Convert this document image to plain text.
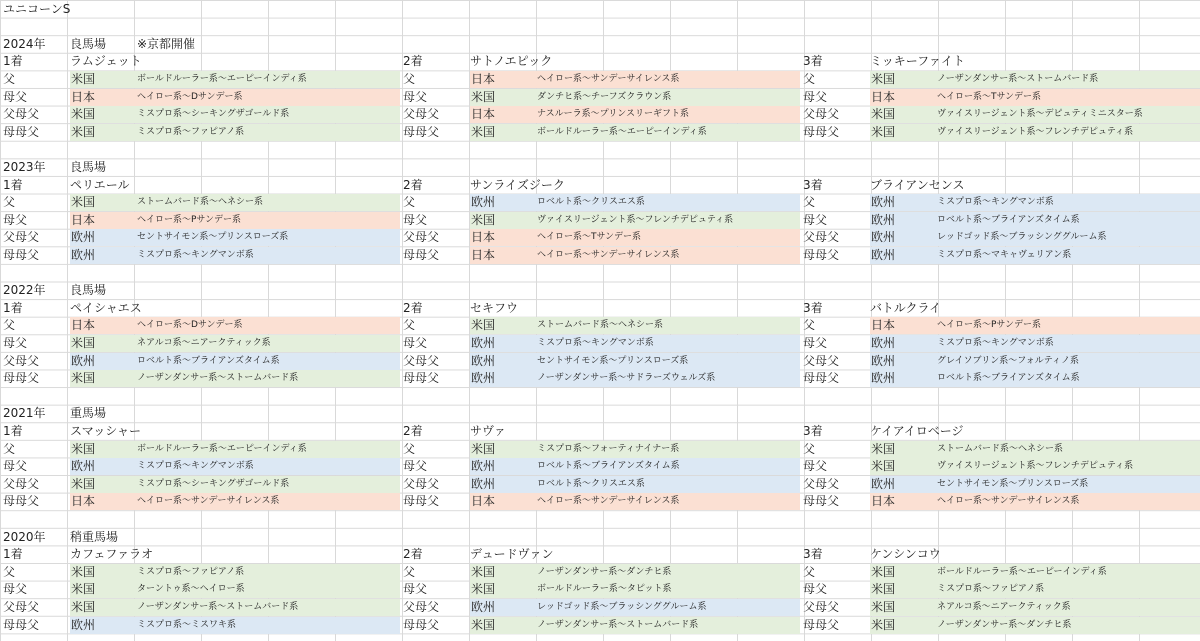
ユニコーンS
2024年 良馬場	※京都開催
1着	ラムジェット
父	米国	ボールドルーラー系～エーピーインディ系
母父	日本	ヘイロー系～Dサンデー系
父母父	米国	ミスプロ系～シーキングザゴールド系
母母父	米国	ミスプロ系～ファピアノ系
2着	サトノエピック
父	日本	ヘイロー系～サンデーサイレンス系
母父	米国	ダンチヒ系～チーフズクラウン系
父母父	日本	ナスルーラ系～プリンスリーギフト系
母母父	米国	ボールドルーラー系～エーピーインディ系
3着	ミッキーファイト
父	米国	ノーザンダンサー系～ストームバード系
母父	日本	ヘイロー系～Tサンデー系
父母父	米国	ヴァイスリージェント系～デピュティミニスター系
母母父	米国	ヴァイスリージェント系～フレンチデピュティ系
2023年 良馬場
1着	ペリエール
父	米国	ストームバード系～ヘネシー系
母父	日本	ヘイロー系～Pサンデー系
父母父	欧州	セントサイモン系～プリンスローズ系
母母父	欧州	ミスプロ系～キングマンボ系
2着	サンライズジーク
父	欧州	ロベルト系～クリスエス系
母父	米国	ヴァイスリージェント系～フレンチデピュティ系
父母父	日本	ヘイロー系～Tサンデー系
母母父	日本	ヘイロー系～サンデーサイレンス系
3着	ブライアンセンス
父	欧州	ミスプロ系～キングマンボ系
母父	欧州	ロベルト系～ブライアンズタイム系
父母父	欧州	レッドゴッド系～ブラッシンググルーム系
母母父	欧州	ミスプロ系～マキャヴェリアン系
2022年 良馬場
1着	ペイシャエス
父	日本	ヘイロー系～Dサンデー系
母父	米国	ネアルコ系～ニアークティック系
父母父	欧州	ロベルト系～ブライアンズタイム系
母母父	米国	ノーザンダンサー系～ストームバード系
2着	セキフウ
父	米国	ストームバード系～ヘネシー系
母父	欧州	ミスプロ系～キングマンボ系
父母父	欧州	セントサイモン系～プリンスローズ系
母母父	欧州	ノーザンダンサー系～サドラーズウェルズ系
3着	バトルクライ
父	日本	ヘイロー系～Pサンデー系
母父	欧州	ミスプロ系～キングマンボ系
父母父	欧州	グレイソブリン系～フォルティノ系
母母父	欧州	ロベルト系～ブライアンズタイム系
2021年 重馬場
1着	スマッシャー
父	米国	ボールドルーラー系～エーピーインディ系
母父	欧州	ミスプロ系～キングマンボ系
父母父	米国	ミスプロ系～シーキングザゴールド系
母母父	日本	ヘイロー系～サンデーサイレンス系
2着	サヴァ
父	米国	ミスプロ系～フォーティナイナー系
母父	欧州	ロベルト系～ブライアンズタイム系
父母父	欧州	ロベルト系～クリスエス系
母母父	日本	ヘイロー系～サンデーサイレンス系
3着	ケイアイロベージ
父	米国	ストームバード系～ヘネシー系
母父	米国	ヴァイスリージェント系～フレンチデピュティ系
父母父	欧州	セントサイモン系～プリンスローズ系
母母父	日本	ヘイロー系～サンデーサイレンス系
2020年 稍重馬場
1着	カフェファラオ
父	米国	ミスプロ系～ファピアノ系
母父	米国	ターントゥ系～ヘイロー系
父母父	米国	ノーザンダンサー系～ストームバード系
母母父	欧州	ミスプロ系～ミスワキ系
2着	デュードヴァン
父	米国	ノーザンダンサー系～ダンチヒ系
母父	米国	ボールドルーラー系～タピット系
父母父	欧州	レッドゴッド系～ブラッシンググルーム系
母母父	米国	ノーザンダンサー系～ストームバード系
3着	ケンシンコウ
父	米国	ボールドルーラー系～エーピーインディ系
母父	米国	ミスプロ系～ファピアノ系
父母父	米国	ネアルコ系～ニアークティック系
母母父	米国	ノーザンダンサー系～ダンチヒ系
